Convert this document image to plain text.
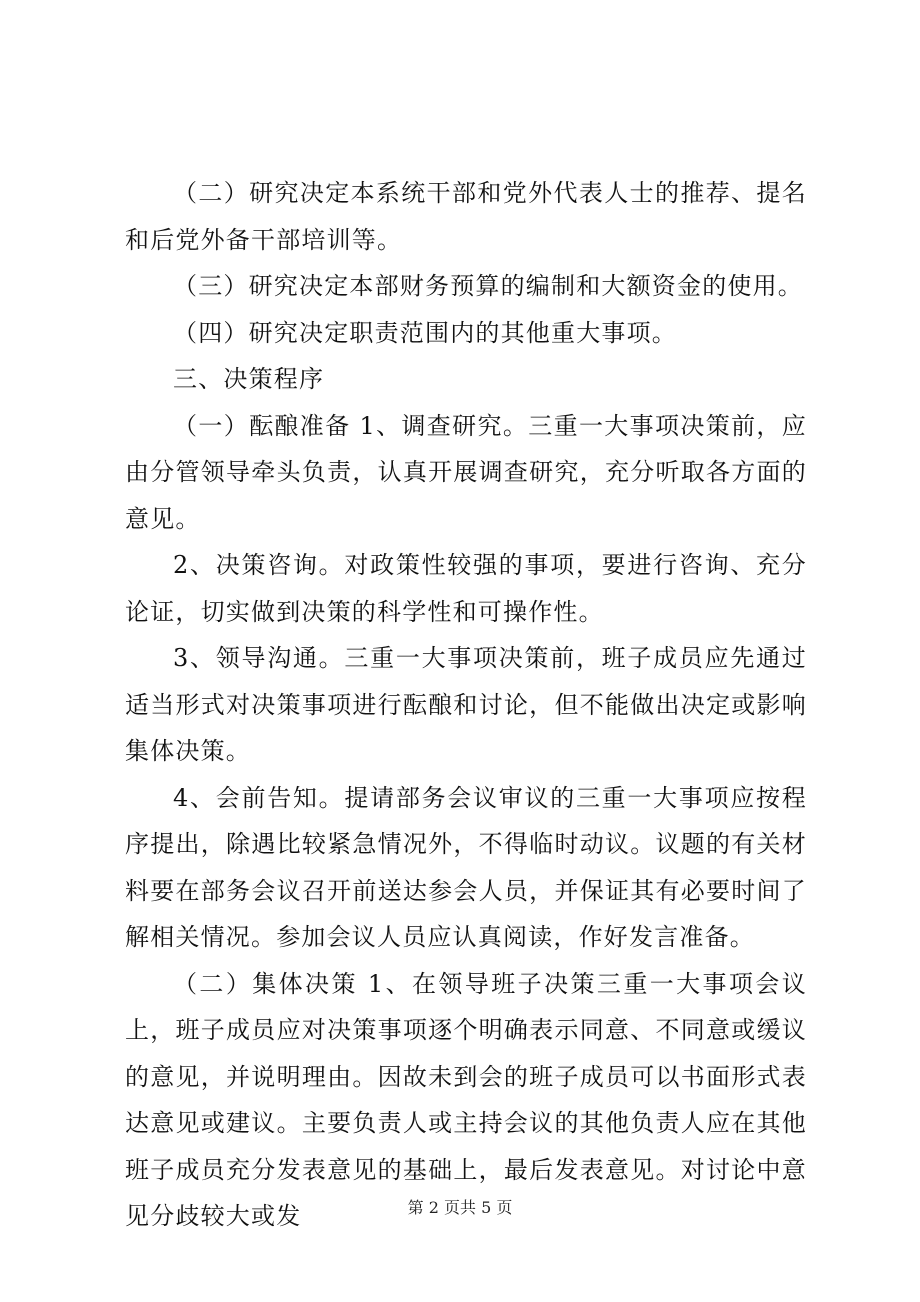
（二）研究决定本系统干部和党外代表人士的推荐、提名和后党外备干部培训等。

（三）研究决定本部财务预算的编制和大额资金的使用。

（四）研究决定职责范围内的其他重大事项。

三、决策程序

（一）酝酿准备 1、调查研究。三重一大事项决策前，应由分管领导牵头负责，认真开展调查研究，充分听取各方面的意见。

2、决策咨询。对政策性较强的事项，要进行咨询、充分论证，切实做到决策的科学性和可操作性。

3、领导沟通。三重一大事项决策前，班子成员应先通过适当形式对决策事项进行酝酿和讨论，但不能做出决定或影响集体决策。

4、会前告知。提请部务会议审议的三重一大事项应按程序提出，除遇比较紧急情况外，不得临时动议。议题的有关材料要在部务会议召开前送达参会人员，并保证其有必要时间了解相关情况。参加会议人员应认真阅读，作好发言准备。

（二）集体决策 1、在领导班子决策三重一大事项会议上，班子成员应对决策事项逐个明确表示同意、不同意或缓议的意见，并说明理由。因故未到会的班子成员可以书面形式表达意见或建议。主要负责人或主持会议的其他负责人应在其他班子成员充分发表意见的基础上，最后发表意见。对讨论中意见分歧较大或发	第 2 页共 5 页
